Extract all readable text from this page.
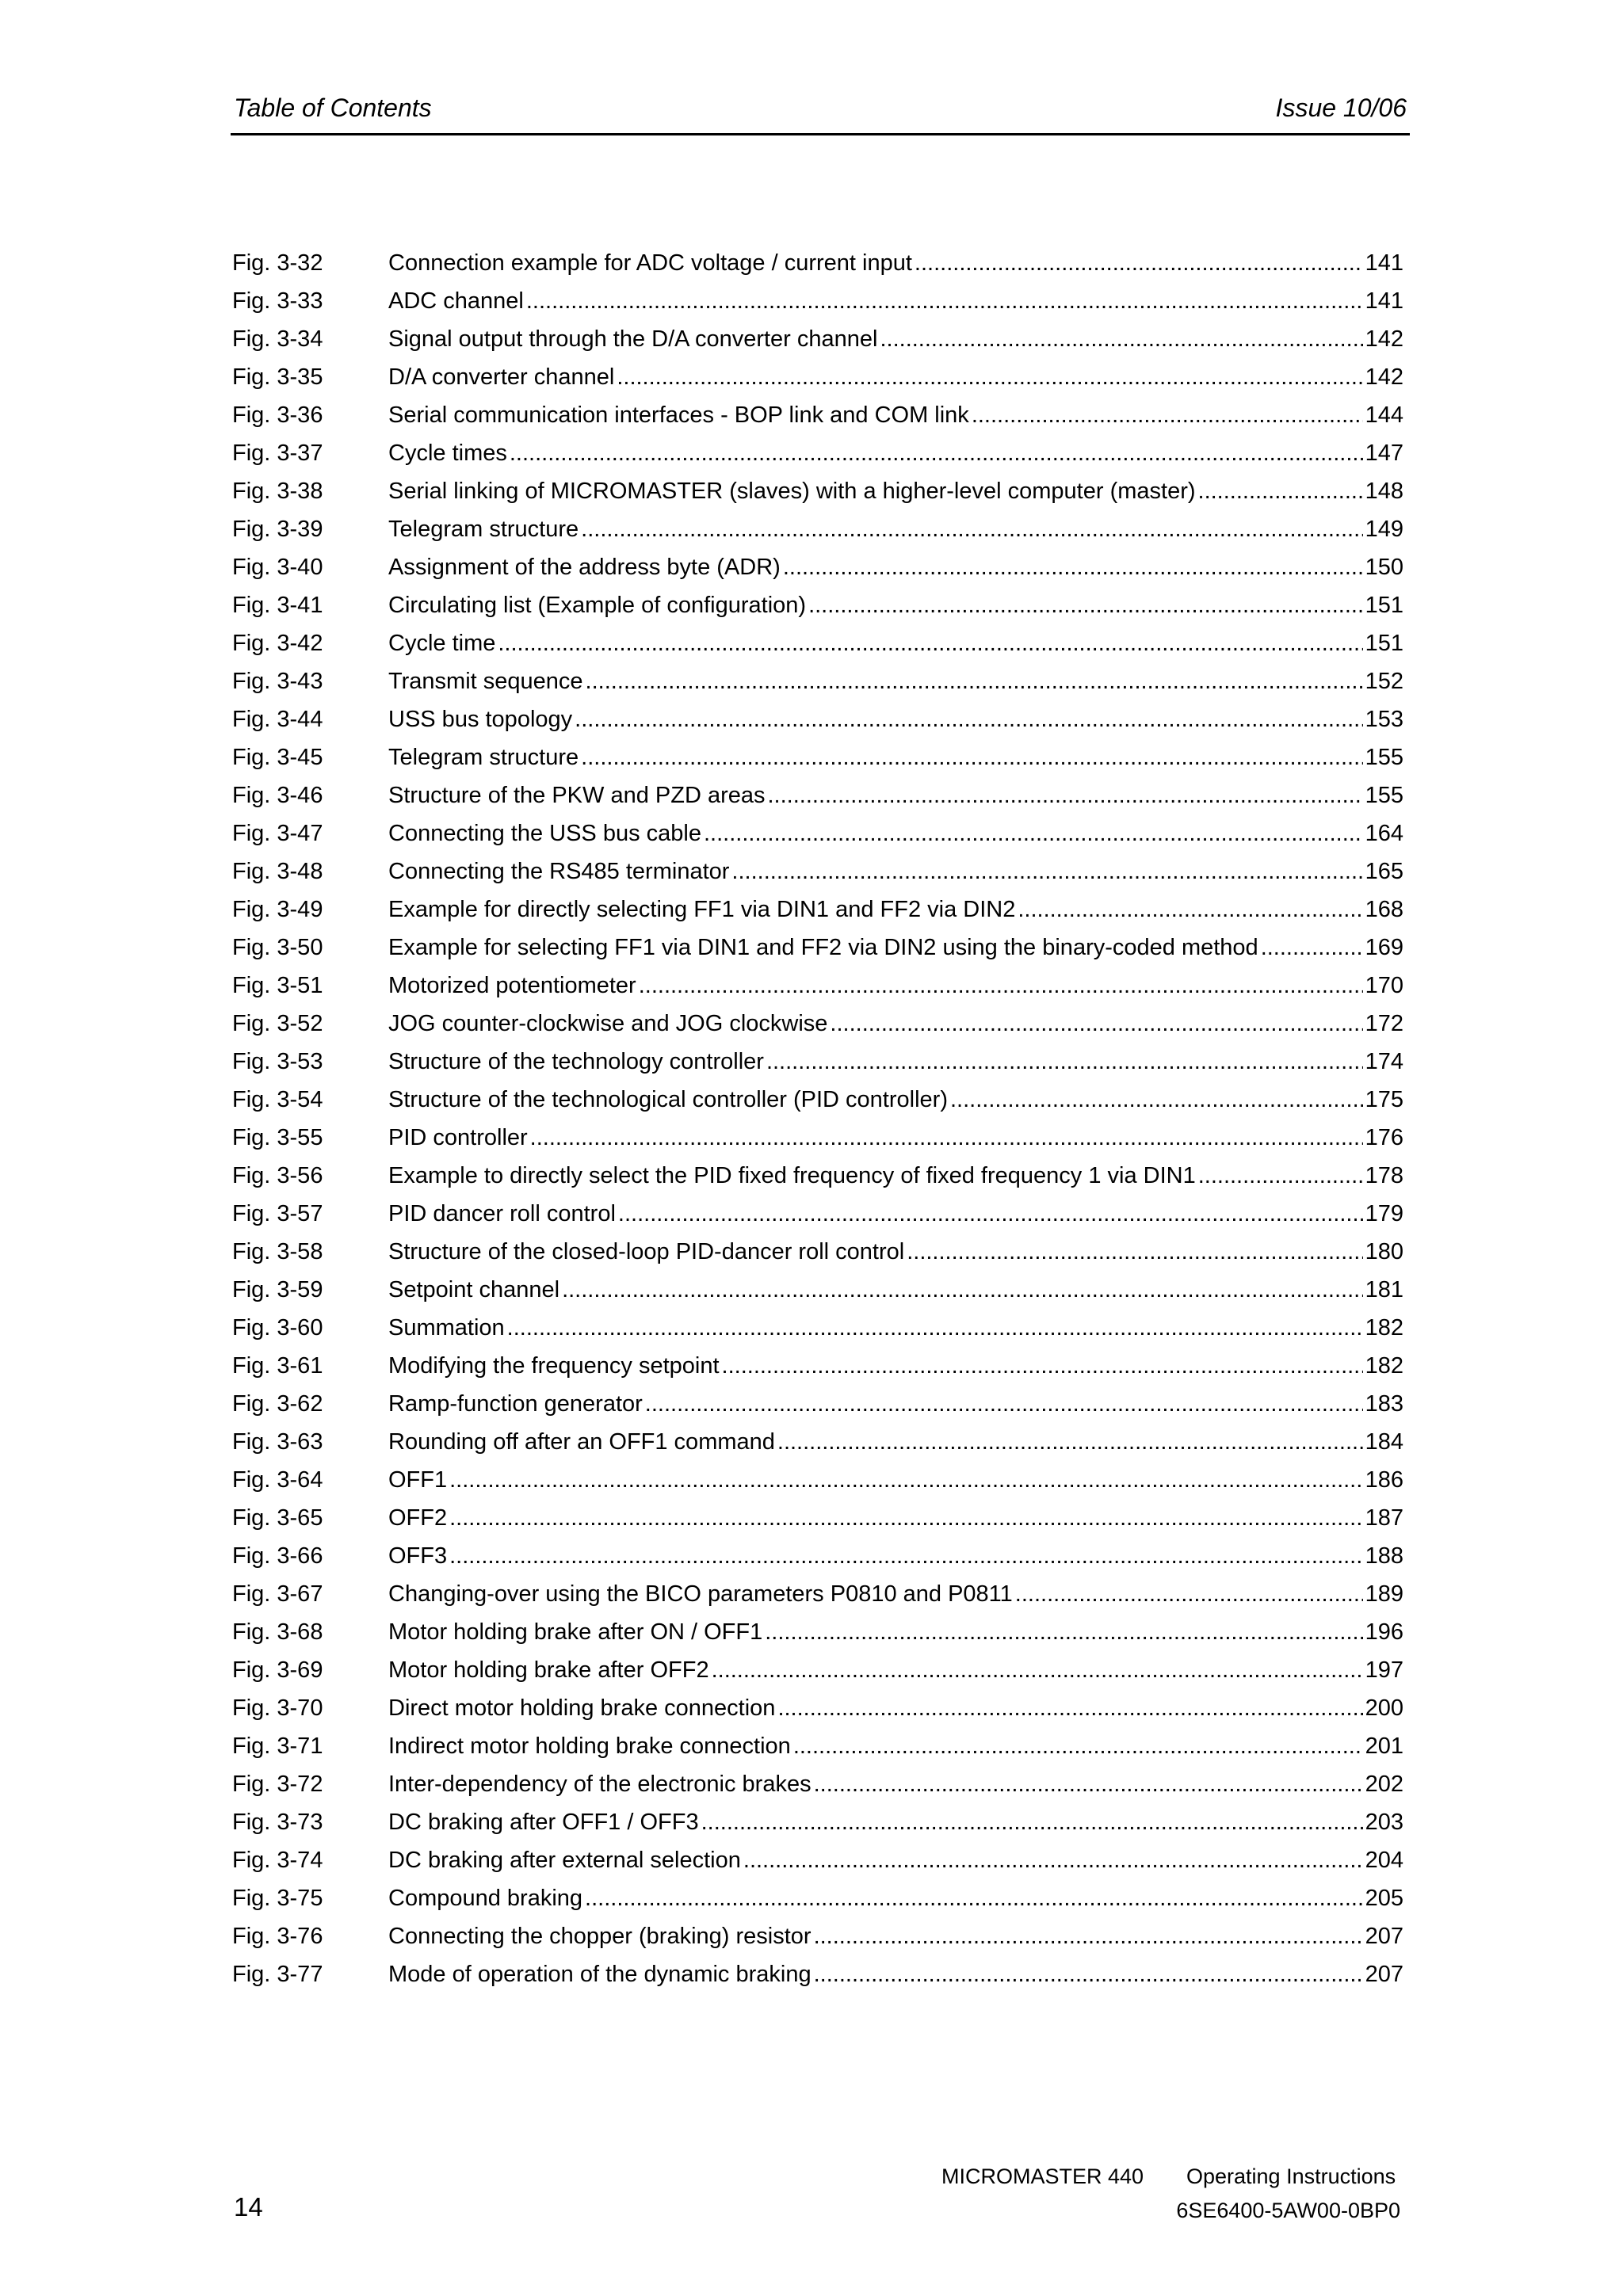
Table of Contents	Issue 10/06
Fig. 3-32	Connection example for ADC voltage / current input .....	141
Fig. 3-33	ADC channel .....	141
Fig. 3-34	Signal output through the D/A converter channel .....	142
Fig. 3-35	D/A converter channel .....	142
Fig. 3-36	Serial communication interfaces - BOP link and COM link .....	144
Fig. 3-37	Cycle times .....	147
Fig. 3-38	Serial linking of MICROMASTER (slaves) with a higher-level computer (master) .....	148
Fig. 3-39	Telegram structure .....	149
Fig. 3-40	Assignment of the address byte (ADR) .....	150
Fig. 3-41	Circulating list (Example of configuration) .....	151
Fig. 3-42	Cycle time .....	151
Fig. 3-43	Transmit sequence .....	152
Fig. 3-44	USS bus topology .....	153
Fig. 3-45	Telegram structure .....	155
Fig. 3-46	Structure of the PKW and PZD areas .....	155
Fig. 3-47	Connecting the USS bus cable .....	164
Fig. 3-48	Connecting the RS485 terminator .....	165
Fig. 3-49	Example for directly selecting FF1 via DIN1 and FF2 via DIN2 .....	168
Fig. 3-50	Example for selecting FF1 via DIN1 and FF2 via DIN2 using the binary-coded method .....	169
Fig. 3-51	Motorized potentiometer .....	170
Fig. 3-52	JOG counter-clockwise and JOG clockwise .....	172
Fig. 3-53	Structure of the technology controller .....	174
Fig. 3-54	Structure of the technological controller (PID controller) .....	175
Fig. 3-55	PID controller .....	176
Fig. 3-56	Example to directly select the PID fixed frequency of fixed frequency 1 via DIN1 .....	178
Fig. 3-57	PID dancer roll control .....	179
Fig. 3-58	Structure of the closed-loop PID-dancer roll control .....	180
Fig. 3-59	Setpoint channel .....	181
Fig. 3-60	Summation .....	182
Fig. 3-61	Modifying the frequency setpoint .....	182
Fig. 3-62	Ramp-function generator .....	183
Fig. 3-63	Rounding off after an OFF1 command .....	184
Fig. 3-64	OFF1 .....	186
Fig. 3-65	OFF2 .....	187
Fig. 3-66	OFF3 .....	188
Fig. 3-67	Changing-over using the BICO parameters P0810 and P0811 .....	189
Fig. 3-68	Motor holding brake after ON / OFF1 .....	196
Fig. 3-69	Motor holding brake after OFF2 .....	197
Fig. 3-70	Direct motor holding brake connection .....	200
Fig. 3-71	Indirect motor holding brake connection .....	201
Fig. 3-72	Inter-dependency of the electronic brakes .....	202
Fig. 3-73	DC braking after OFF1 / OFF3 .....	203
Fig. 3-74	DC braking after external selection .....	204
Fig. 3-75	Compound braking .....	205
Fig. 3-76	Connecting the chopper (braking) resistor .....	207
Fig. 3-77	Mode of operation of the dynamic braking .....	207
MICROMASTER 440 Operating Instructions
6SE6400-5AW00-0BP0
14
